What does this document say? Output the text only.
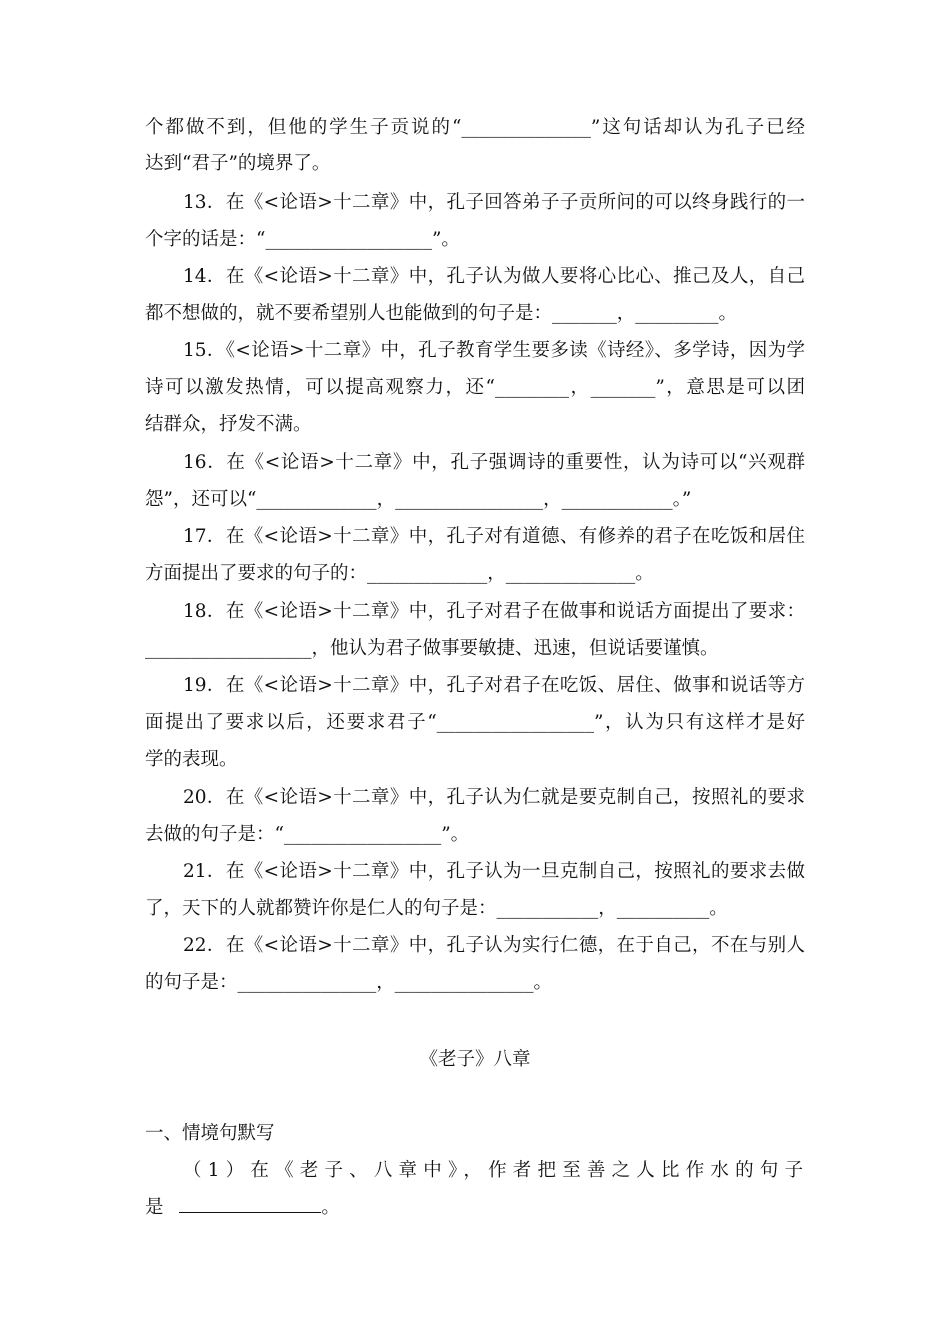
个都做不到，但他的学生子贡说的“______________”这句话却认为孔子已经
达到“君子”的境界了。
13．在《<论语>十二章》中，孔子回答弟子子贡所问的可以终身践行的一
个字的话是：“__________________”。
14．在《<论语>十二章》中，孔子认为做人要将心比心、推己及人，自己
都不想做的，就不要希望别人也能做到的句子是：_______，_________。
15．《<论语>十二章》中，孔子教育学生要多读《诗经》、多学诗，因为学
诗可以激发热情，可以提高观察力，还“________，_______”，意思是可以团
结群众，抒发不满。
16．在《<论语>十二章》中，孔子强调诗的重要性，认为诗可以“兴观群
怨”，还可以“_____________，________________，____________。”
17．在《<论语>十二章》中，孔子对有道德、有修养的君子在吃饭和居住
方面提出了要求的句子的：_____________，______________。
18．在《<论语>十二章》中，孔子对君子在做事和说话方面提出了要求：
__________________，他认为君子做事要敏捷、迅速，但说话要谨慎。
19．在《<论语>十二章》中，孔子对君子在吃饭、居住、做事和说话等方
面提出了要求以后，还要求君子“_________________”，认为只有这样才是好
学的表现。
20．在《<论语>十二章》中，孔子认为仁就是要克制自己，按照礼的要求
去做的句子是：“_________________”。
21．在《<论语>十二章》中，孔子认为一旦克制自己，按照礼的要求去做
了，天下的人就都赞许你是仁人的句子是：___________，__________。
22．在《<论语>十二章》中，孔子认为实行仁德，在于自己，不在与别人
的句子是：_______________，_______________。
《老子》八章
一、情境句默写
（1）在《老子、八章中》，作者把至善之人比作水的句子
是	。
